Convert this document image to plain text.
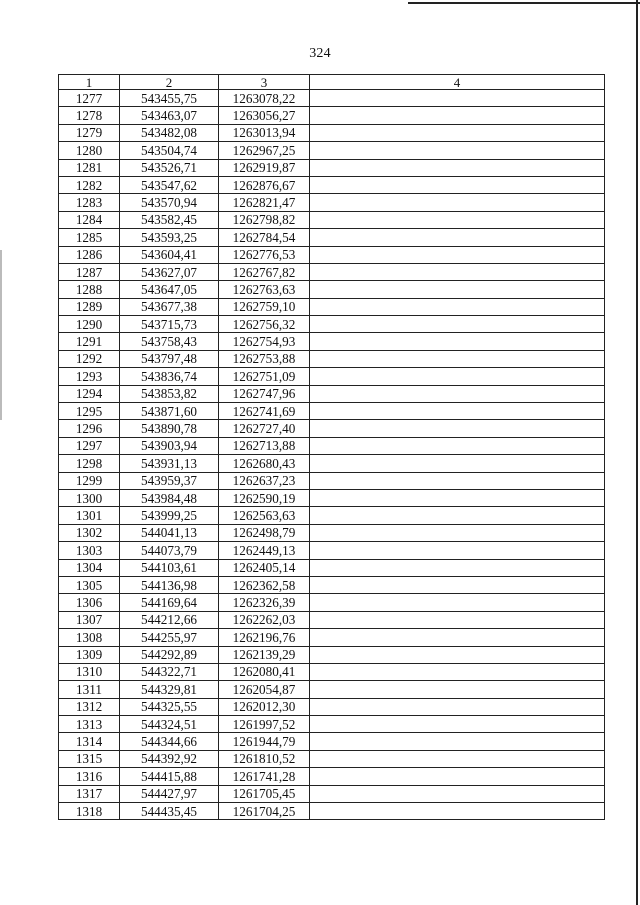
324
1	2	3	4
1277	543455,75	1263078,22	
1278	543463,07	1263056,27	
1279	543482,08	1263013,94	
1280	543504,74	1262967,25	
1281	543526,71	1262919,87	
1282	543547,62	1262876,67	
1283	543570,94	1262821,47	
1284	543582,45	1262798,82	
1285	543593,25	1262784,54	
1286	543604,41	1262776,53	
1287	543627,07	1262767,82	
1288	543647,05	1262763,63	
1289	543677,38	1262759,10	
1290	543715,73	1262756,32	
1291	543758,43	1262754,93	
1292	543797,48	1262753,88	
1293	543836,74	1262751,09	
1294	543853,82	1262747,96	
1295	543871,60	1262741,69	
1296	543890,78	1262727,40	
1297	543903,94	1262713,88	
1298	543931,13	1262680,43	
1299	543959,37	1262637,23	
1300	543984,48	1262590,19	
1301	543999,25	1262563,63	
1302	544041,13	1262498,79	
1303	544073,79	1262449,13	
1304	544103,61	1262405,14	
1305	544136,98	1262362,58	
1306	544169,64	1262326,39	
1307	544212,66	1262262,03	
1308	544255,97	1262196,76	
1309	544292,89	1262139,29	
1310	544322,71	1262080,41	
1311	544329,81	1262054,87	
1312	544325,55	1262012,30	
1313	544324,51	1261997,52	
1314	544344,66	1261944,79	
1315	544392,92	1261810,52	
1316	544415,88	1261741,28	
1317	544427,97	1261705,45	
1318	544435,45	1261704,25	
